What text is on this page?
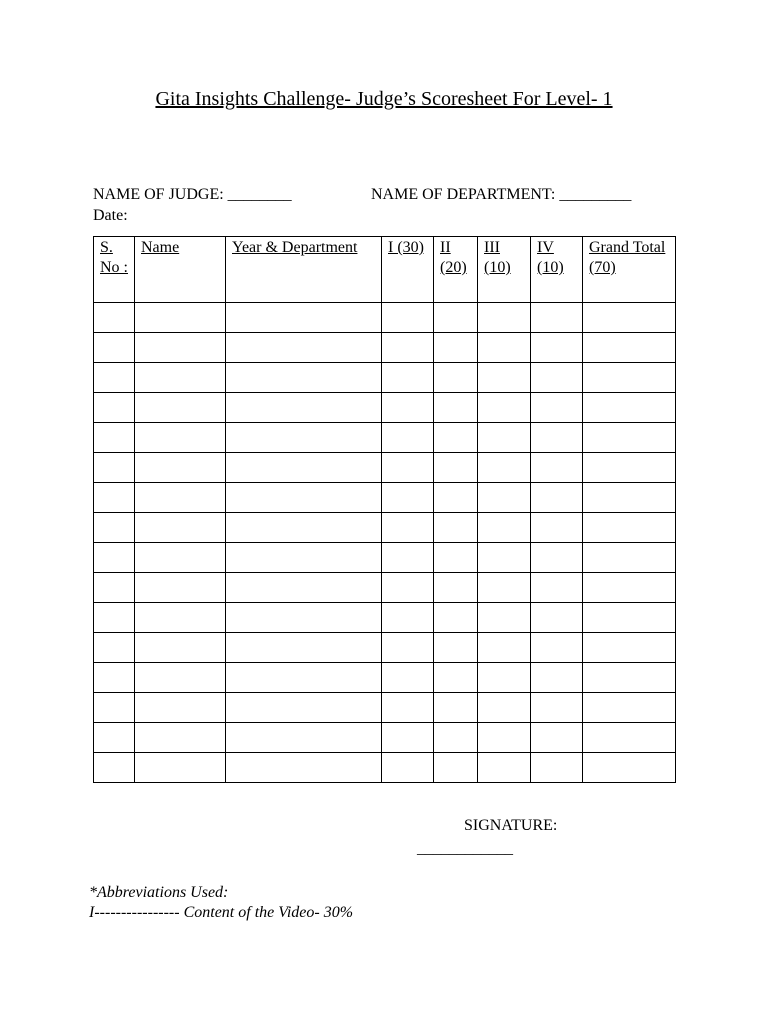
Gita Insights Challenge- Judge’s Scoresheet For Level- 1
NAME OF JUDGE: ________	NAME OF DEPARTMENT: _________
Date:
S. No :	Name	Year & Department	I (30)	II (20)	III (10)	IV (10)	Grand Total (70)

SIGNATURE:
____________
*Abbreviations Used:
I---------------- Content of the Video- 30%
